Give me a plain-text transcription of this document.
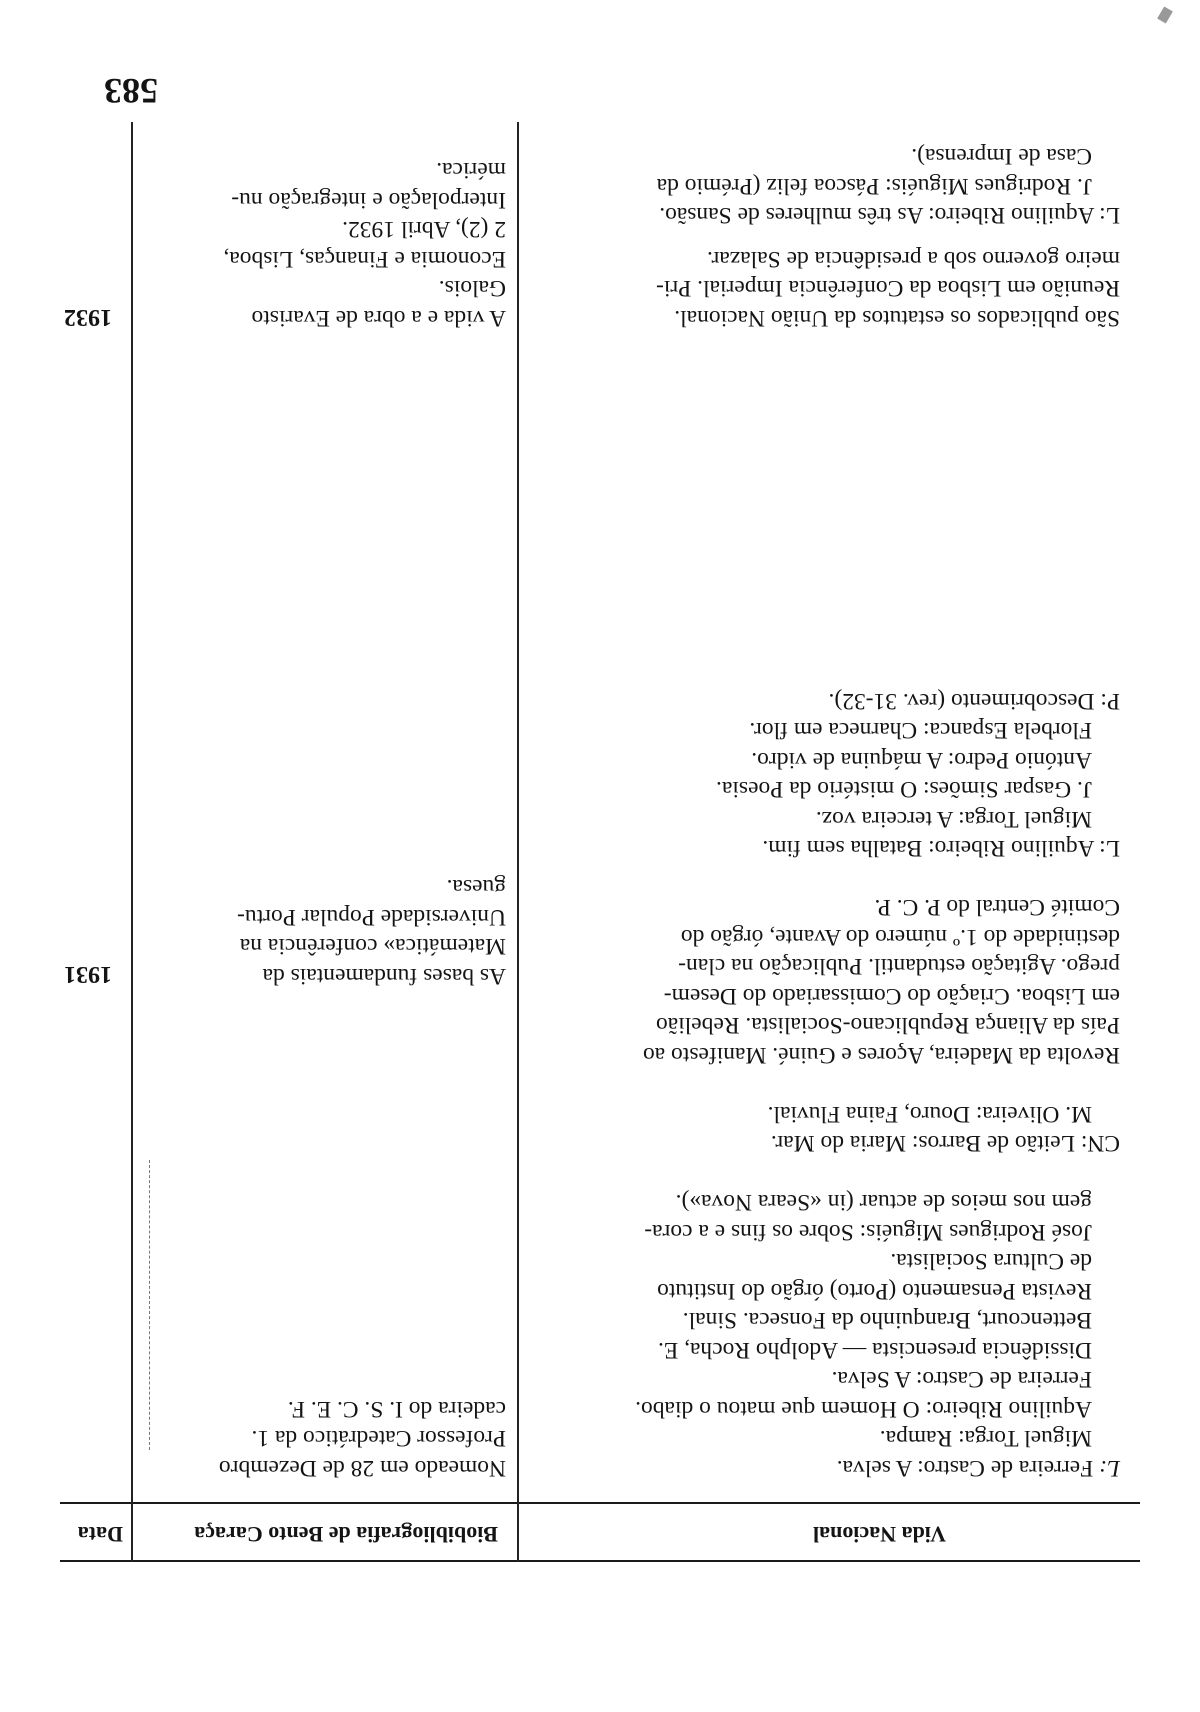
583
Vida Nacional
Biobibliografia de Bento Caraça
Data
1931

L: Ferreira de Castro: A selva.

Miguel Torga: Rampa.

Aquilino Ribeiro: O Homem que matou o diabo.

Ferreira de Castro: A Selva.

Dissidência presencista — Adolpho Rocha, E.

Bettencourt, Branquinho da Fonseca. Sinal.

Revista Pensamento (Porto) órgão do Instituto

de Cultura Socialista.

José Rodrigues Miguéis: Sobre os fins e a cora-

gem nos meios de actuar (in «Seara Nova»).

CN: Leitão de Barros: Maria do Mar.

M. Oliveira: Douro, Faina Fluvial.

Revolta da Madeira, Açores e Guiné. Manifesto ao

País da Aliança Republicano-Socialista. Rebelião

em Lisboa. Criação do Comissariado do Desem-

prego. Agitação estudantil. Publicação na clan-

destinidade do 1.º número do Avante, órgão do

Comité Central do P. C. P.

L: Aquilino Ribeiro: Batalha sem fim.

Miguel Torga: A terceira voz.

J. Gaspar Simões: O mistério da Poesia.

António Pedro: A máquina de vidro.

Florbela Espanca: Charneca em flor.

P: Descobrimento (rev. 31-32).

Nomeado em 28 de Dezembro

Professor Catedrático da 1.

cadeira do I. S. C. E. F.

As bases fundamentais da

Matemática» conferência na

Universidade Popular Portu-

guesa.

1932	São publicados os estatutos da União Nacional.

Reunião em Lisboa da Conferência Imperial. Pri-

meiro governo sob a presidência de Salazar.

L: Aquilino Ribeiro: As três mulheres de Sansão.

J. Rodrigues Miguéis: Páscoa feliz (Prémio da

Casa de Imprensa).

A vida e a obra de Evaristo

Galois.

Economia e Finanças, Lisboa,

2 (2), Abril 1932.

Interpolação e integração nu-

mérica.
